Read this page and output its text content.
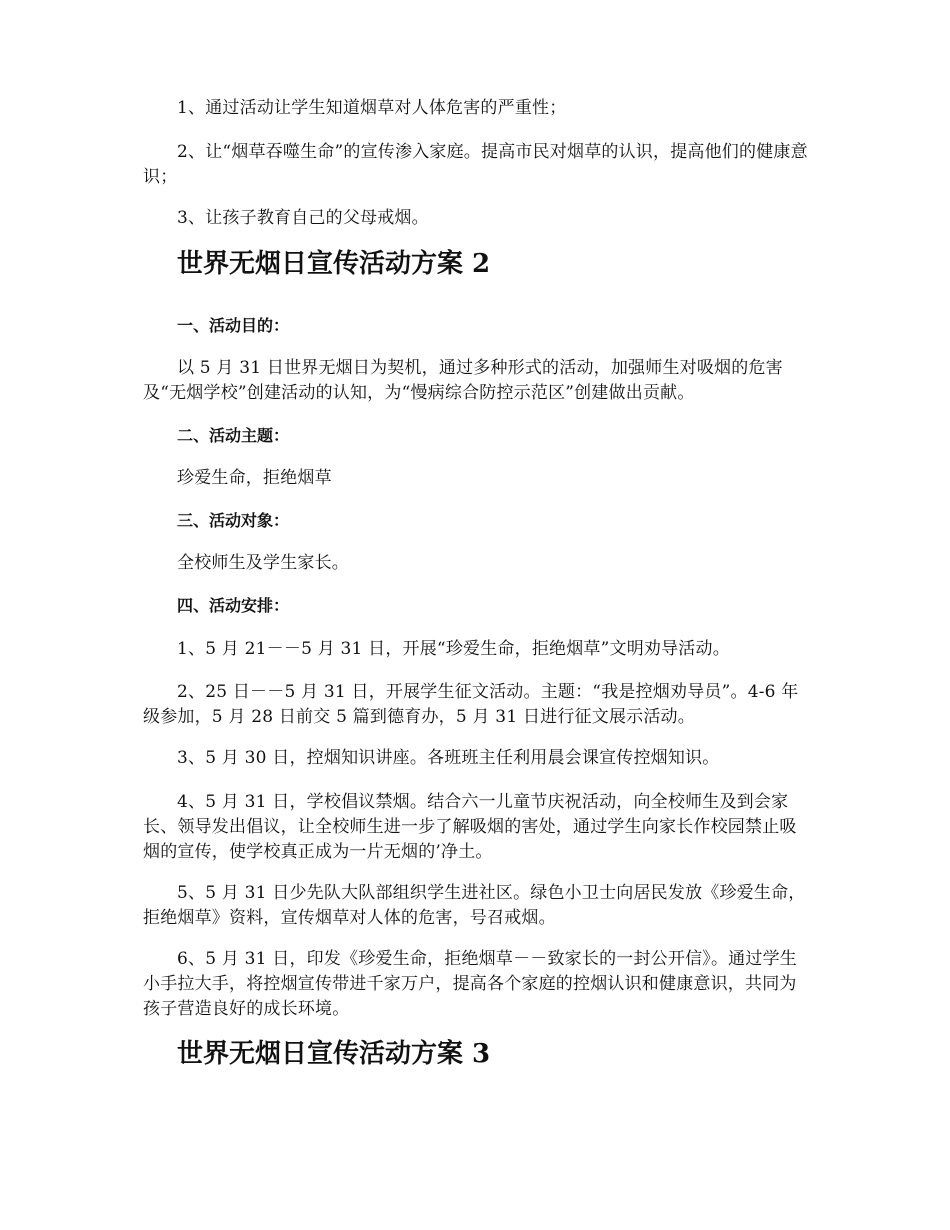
1、通过活动让学生知道烟草对人体危害的严重性；

2、让“烟草吞噬生命”的宣传渗入家庭。提高市民对烟草的认识，提高他们的健康意识；

3、让孩子教育自己的父母戒烟。

世界无烟日宣传活动方案 2
一、活动目的：

以 5 月 31 日世界无烟日为契机，通过多种形式的活动，加强师生对吸烟的危害及“无烟学校”创建活动的认知，为“慢病综合防控示范区”创建做出贡献。

二、活动主题：

珍爱生命，拒绝烟草

三、活动对象：

全校师生及学生家长。

四、活动安排：

1、5 月 21－－5 月 31 日，开展“珍爱生命，拒绝烟草”文明劝导活动。

2、25 日－－5 月 31 日，开展学生征文活动。主题：“我是控烟劝导员”。4-6 年级参加，5 月 28 日前交 5 篇到德育办，5 月 31 日进行征文展示活动。

3、5 月 30 日，控烟知识讲座。各班班主任利用晨会课宣传控烟知识。

4、5 月 31 日，学校倡议禁烟。结合六一儿童节庆祝活动，向全校师生及到会家长、领导发出倡议，让全校师生进一步了解吸烟的害处，通过学生向家长作校园禁止吸烟的宣传，使学校真正成为一片无烟的’净土。

5、5 月 31 日少先队大队部组织学生进社区。绿色小卫士向居民发放《珍爱生命，拒绝烟草》资料，宣传烟草对人体的危害，号召戒烟。

6、5 月 31 日，印发《珍爱生命，拒绝烟草－－致家长的一封公开信》。通过学生小手拉大手，将控烟宣传带进千家万户，提高各个家庭的控烟认识和健康意识，共同为孩子营造良好的成长环境。

世界无烟日宣传活动方案 3
